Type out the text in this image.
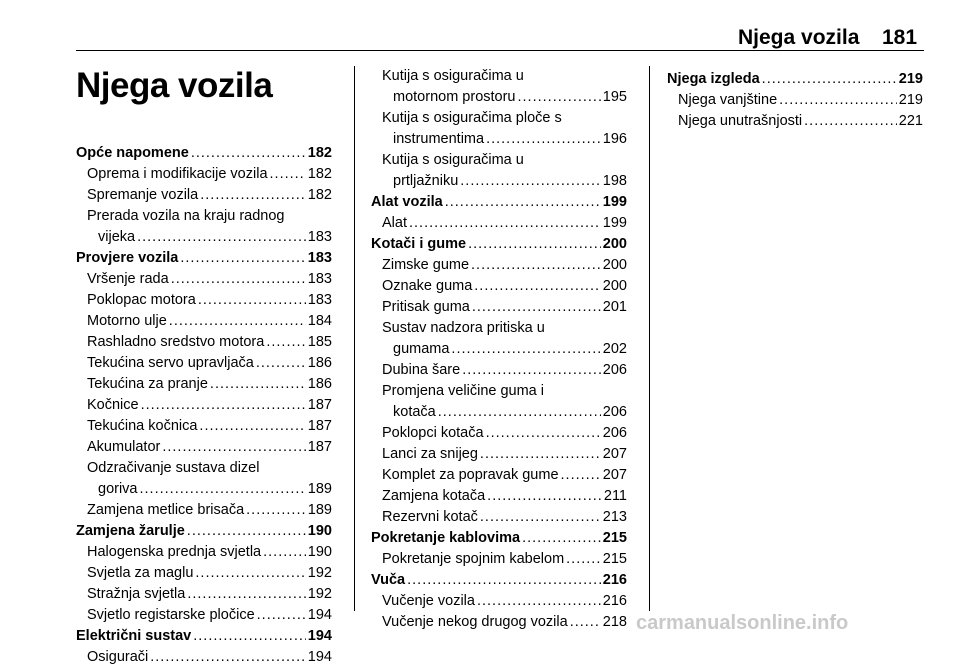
Njega vozila 181
Njega vozila
Opće napomene .....	182
Oprema i modifikacije vozila .....	182
Spremanje vozila .....	182
Prerada vozila na kraju radnog
vijeka .....	183
Provjere vozila .....	183
Vršenje rada .....	183
Poklopac motora .....	183
Motorno ulje .....	184
Rashladno sredstvo motora .....	185
Tekućina servo upravljača .....	186
Tekućina za pranje .....	186
Kočnice .....	187
Tekućina kočnica .....	187
Akumulator .....	187
Odzračivanje sustava dizel
goriva .....	189
Zamjena metlice brisača .....	189
Zamjena žarulje .....	190
Halogenska prednja svjetla .....	190
Svjetla za maglu .....	192
Stražnja svjetla .....	192
Svjetlo registarske pločice .....	194
Električni sustav .....	194
Osigurači .....	194
Kutija s osiguračima u
motornom prostoru .....	195
Kutija s osiguračima ploče s
instrumentima .....	196
Kutija s osiguračima u
prtljažniku .....	198
Alat vozila .....	199
Alat .....	199
Kotači i gume .....	200
Zimske gume .....	200
Oznake guma .....	200
Pritisak guma .....	201
Sustav nadzora pritiska u
gumama .....	202
Dubina šare .....	206
Promjena veličine guma i
kotača .....	206
Poklopci kotača .....	206
Lanci za snijeg .....	207
Komplet za popravak gume .....	207
Zamjena kotača .....	211
Rezervni kotač .....	213
Pokretanje kablovima .....	215
Pokretanje spojnim kabelom .....	215
Vuča .....	216
Vučenje vozila .....	216
Vučenje nekog drugog vozila ..... 218
Njega izgleda .....	219
Njega vanjštine .....	219
Njega unutrašnjosti .....	221
carmanualsonline.info
